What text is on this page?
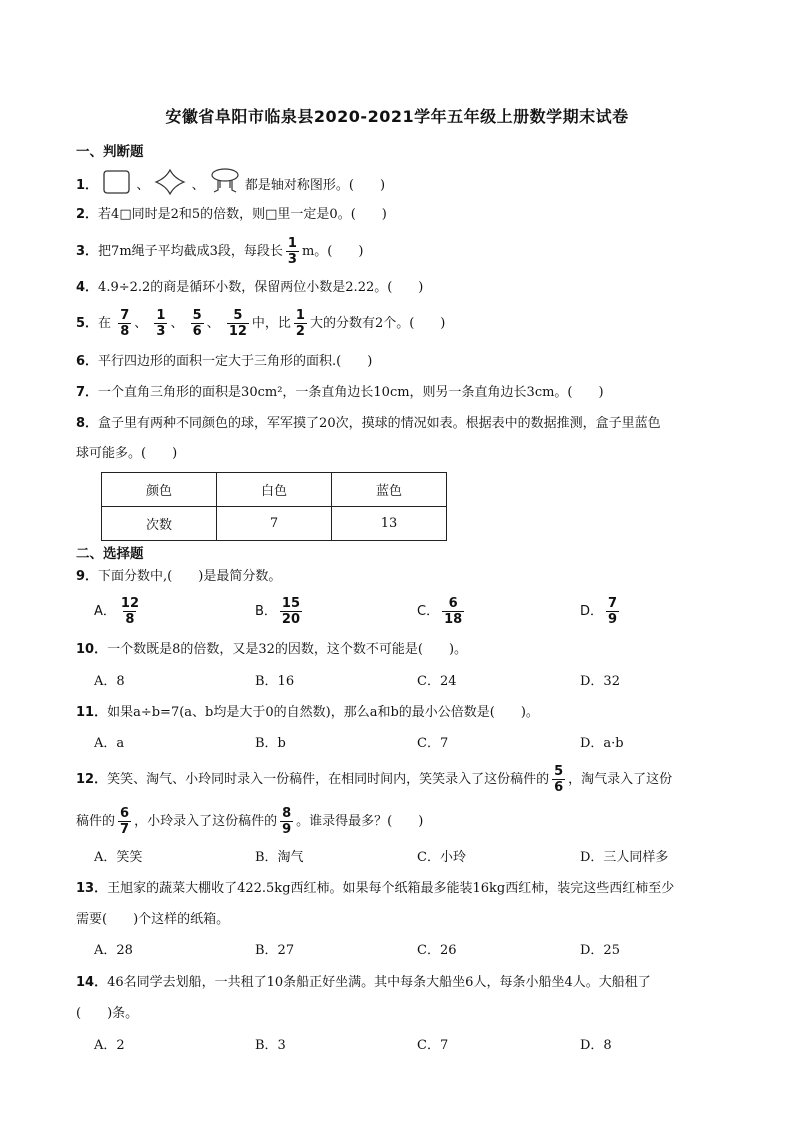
安徽省阜阳市临泉县2020-2021学年五年级上册数学期末试卷
一、判断题
1．	、	、	都是轴对称图形。(　　)
2．若4□同时是2和5的倍数，则□里一定是0。(　　)
3．把7m绳子平均截成3段，每段长 $\frac{1}{3}$ m。(　　)
4．4.9÷2.2的商是循环小数，保留两位小数是2.22。(　　)
5．在 $\frac{7}{8}$ 、 $\frac{1}{3}$ 、 $\frac{5}{6}$ 、 $\frac{5}{12}$ 中，比 $\frac{1}{2}$ 大的分数有2个。(　　)
6．平行四边形的面积一定大于三角形的面积.(　　)
7．一个直角三角形的面积是30cm²，一条直角边长10cm，则另一条直角边长3cm。(　　)
8．盒子里有两种不同颜色的球，军军摸了20次，摸球的情况如表。根据表中的数据推测，盒子里蓝色
球可能多。(　　)
颜色	白色	蓝色
次数	7	13
二、选择题
9．下面分数中,(　　)是最简分数。
A． $\frac{12}{8}$	B． $\frac{15}{20}$	C． $\frac{6}{18}$	D． $\frac{7}{9}$
10．一个数既是8的倍数，又是32的因数，这个数不可能是(　　)。
A．8	B．16	C．24	D．32
11．如果a÷b=7(a、b均是大于0的自然数)，那么a和b的最小公倍数是(　　)。
A．a	B．b	C．7	D．a·b
12．笑笑、淘气、小玲同时录入一份稿件，在相同时间内，笑笑录入了这份稿件的 $\frac{5}{6}$ ，淘气录入了这份
稿件的 $\frac{6}{7}$ ，小玲录入了这份稿件的 $\frac{8}{9}$ 。谁录得最多？(　　)
A．笑笑	B．淘气	C．小玲	D．三人同样多
13．王旭家的蔬菜大棚收了422.5kg西红柿。如果每个纸箱最多能装16kg西红柿，装完这些西红柿至少
需要(　　)个这样的纸箱。
A．28	B．27	C．26	D．25
14．46名同学去划船，一共租了10条船正好坐满。其中每条大船坐6人，每条小船坐4人。大船租了
(　　)条。
A．2	B．3	C．7	D．8
